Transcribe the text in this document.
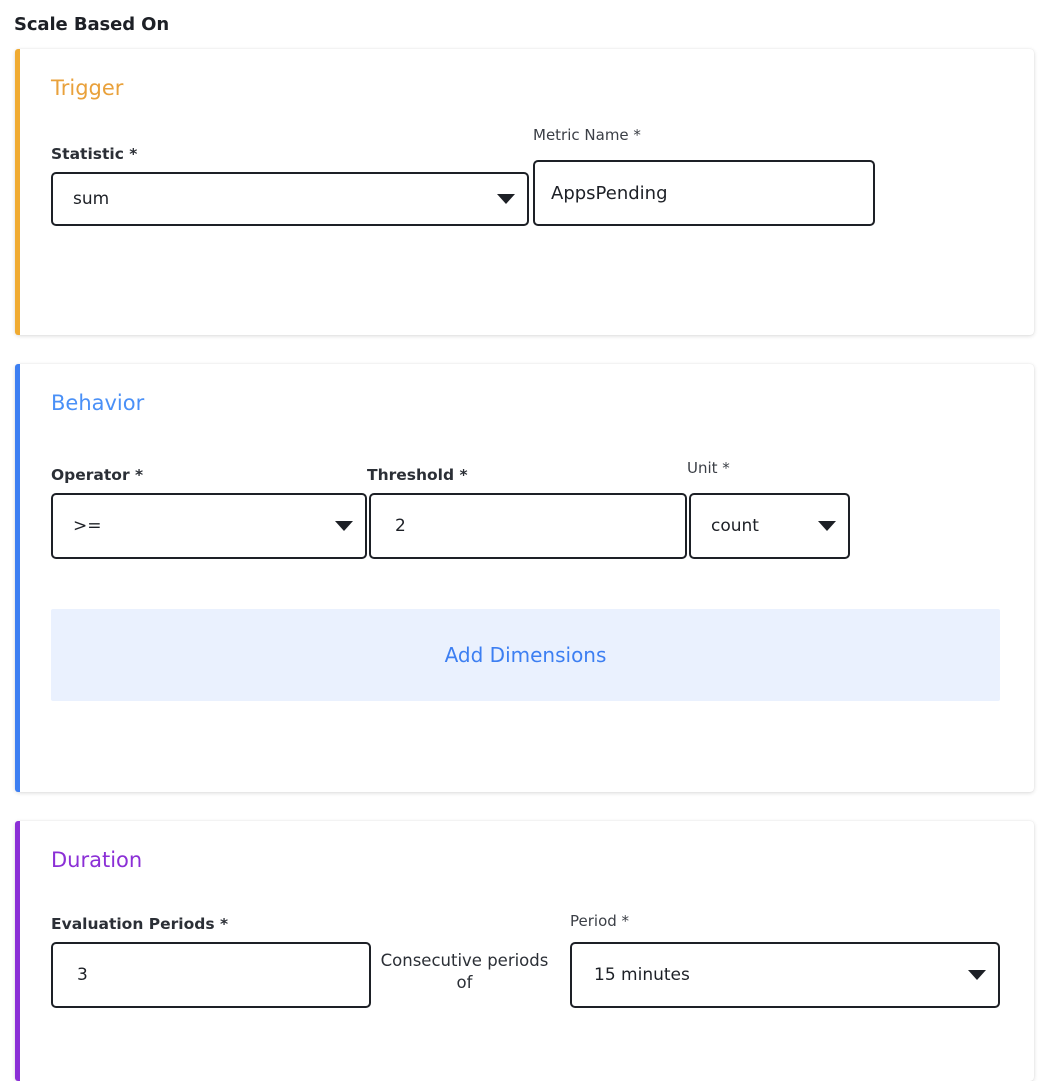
Scale Based On
Trigger
Statistic *
sum
Metric Name *
AppsPending
Behavior
Operator *
>=
Threshold *
2
Unit *
count
Add Dimensions
Duration
Evaluation Periods *
3
Consecutive periods of
Period *
15 minutes
